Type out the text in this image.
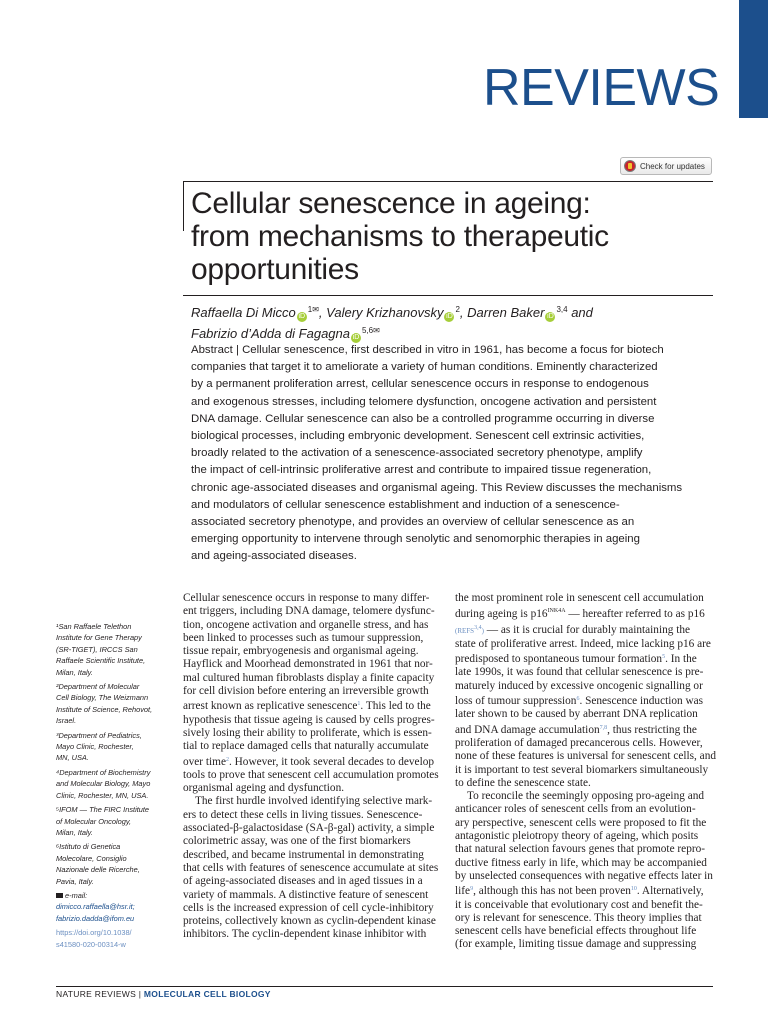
REVIEWS
Check for updates
Cellular senescence in ageing:
from mechanisms to therapeutic
opportunities
Raffaella Di Micco $iD^{1✉}$, Valery Krizhanovsky $iD^2$, Darren Baker iD$^{3,4}$ and
Fabrizio d’Adda di Fagagna $iD^{5,6✉}$
Abstract | Cellular senescence, first described in vitro in 1961, has become a focus for biotech
companies that target it to ameliorate a variety of human conditions. Eminently characterized
by a permanent proliferation arrest, cellular senescence occurs in response to endogenous
and exogenous stresses, including telomere dysfunction, oncogene activation and persistent
DNA damage. Cellular senescence can also be a controlled programme occurring in diverse
biological processes, including embryonic development. Senescent cell extrinsic activities,
broadly related to the activation of a senescence-associated secretory phenotype, amplify
the impact of cell-intrinsic proliferative arrest and contribute to impaired tissue regeneration,
chronic age-associated diseases and organismal ageing. This Review discusses the mechanisms
and modulators of cellular senescence establishment and induction of a senescence-
associated secretory phenotype, and provides an overview of cellular senescence as an
emerging opportunity to intervene through senolytic and senomorphic therapies in ageing
and ageing-associated diseases.
¹San Raffaele Telethon
Institute for Gene Therapy
(SR-TIGET), IRCCS San
Raffaele Scientific Institute,
Milan, Italy.
²Department of Molecular
Cell Biology, The Weizmann
Institute of Science, Rehovot,
Israel.
³Department of Pediatrics,
Mayo Clinic, Rochester,
MN, USA.
⁴Department of Biochemistry
and Molecular Biology, Mayo
Clinic, Rochester, MN, USA.
⁵IFOM — The FIRC Institute
of Molecular Oncology,
Milan, Italy.
⁶Istituto di Genetica
Molecolare, Consiglio
Nazionale delle Ricerche,
Pavia, Italy.
e-mail:
dimicco.raffaella@hsr.it;
fabrizio.dadda@ifom.eu
https://doi.org/10.1038/
s41580-020-00314-w
Cellular senescence occurs in response to many differ-
ent triggers, including DNA damage, telomere dysfunc-
tion, oncogene activation and organelle stress, and has
been linked to processes such as tumour suppression,
tissue repair, embryogenesis and organismal ageing.
Hayflick and Moorhead demonstrated in 1961 that nor-
mal cultured human fibroblasts display a finite capacity
for cell division before entering an irreversible growth
arrest known as replicative senescence$^1$. This led to the
hypothesis that tissue ageing is caused by cells progres-
sively losing their ability to proliferate, which is essen-
tial to replace damaged cells that naturally accumulate
over time$^2$. However, it took several decades to develop
tools to prove that senescent cell accumulation promotes
organismal ageing and dysfunction.
The first hurdle involved identifying selective mark-
ers to detect these cells in living tissues. Senescence-
associated-β-galactosidase (SA-β-gal) activity, a simple
colorimetric assay, was one of the first biomarkers
described, and became instrumental in demonstrating
that cells with features of senescence accumulate at sites
of ageing-associated diseases and in aged tissues in a
variety of mammals. A distinctive feature of senescent
cells is the increased expression of cell cycle-inhibitory
proteins, collectively known as cyclin-dependent kinase
inhibitors. The cyclin-dependent kinase inhibitor with
the most prominent role in senescent cell accumulation
during ageing is $p16^{INK4A}$ — hereafter referred to as p16
(REFS$^{3,4}$) — as it is crucial for durably maintaining the
state of proliferative arrest. Indeed, mice lacking p16 are
predisposed to spontaneous tumour formation$^5$. In the
late 1990s, it was found that cellular senescence is pre-
maturely induced by excessive oncogenic signalling or
loss of tumour suppression$^6$. Senescence induction was
later shown to be caused by aberrant DNA replication
and DNA damage accumulation$^{7,8}$, thus restricting the
proliferation of damaged precancerous cells. However,
none of these features is universal for senescent cells, and
it is important to test several biomarkers simultaneously
to define the senescence state.
To reconcile the seemingly opposing pro-ageing and
anticancer roles of senescent cells from an evolution-
ary perspective, senescent cells were proposed to fit the
antagonistic pleiotropy theory of ageing, which posits
that natural selection favours genes that promote repro-
ductive fitness early in life, which may be accompanied
by unselected consequences with negative effects later in
life$^9$, although this has not been proven$^{10}$. Alternatively,
it is conceivable that evolutionary cost and benefit the-
ory is relevant for senescence. This theory implies that
senescent cells have beneficial effects throughout life
(for example, limiting tissue damage and suppressing
NATURE REVIEWS | MOLECULAR CELL BIOLOGY
